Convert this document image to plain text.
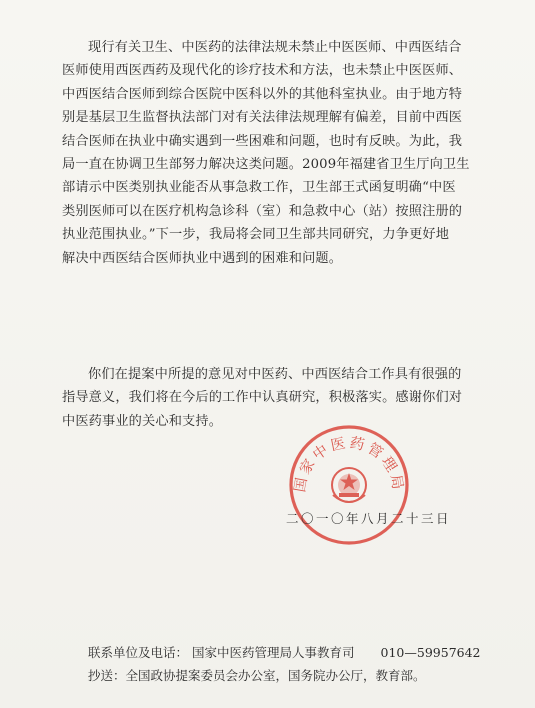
现行有关卫生、中医药的法律法规未禁止中医医师、中西医结合
医师使用西医西药及现代化的诊疗技术和方法，也未禁止中医医师、
中西医结合医师到综合医院中医科以外的其他科室执业。由于地方特
别是基层卫生监督执法部门对有关法律法规理解有偏差，目前中西医
结合医师在执业中确实遇到一些困难和问题，也时有反映。为此，我
局一直在协调卫生部努力解决这类问题。2009年福建省卫生厅向卫生
部请示中医类别执业能否从事急救工作，卫生部王式函复明确“中医
类别医师可以在医疗机构急诊科（室）和急救中心（站）按照注册的
执业范围执业。”下一步，我局将会同卫生部共同研究，力争更好地
解决中西医结合医师执业中遇到的困难和问题。
你们在提案中所提的意见对中医药、中西医结合工作具有很强的
指导意义，我们将在今后的工作中认真研究，积极落实。感谢你们对
中医药事业的关心和支持。
国家中医药管理局
二〇一〇年八月二十三日
联系单位及电话： 国家中医药管理局人事教育司 010—59957642
抄送：全国政协提案委员会办公室，国务院办公厅，教育部。
